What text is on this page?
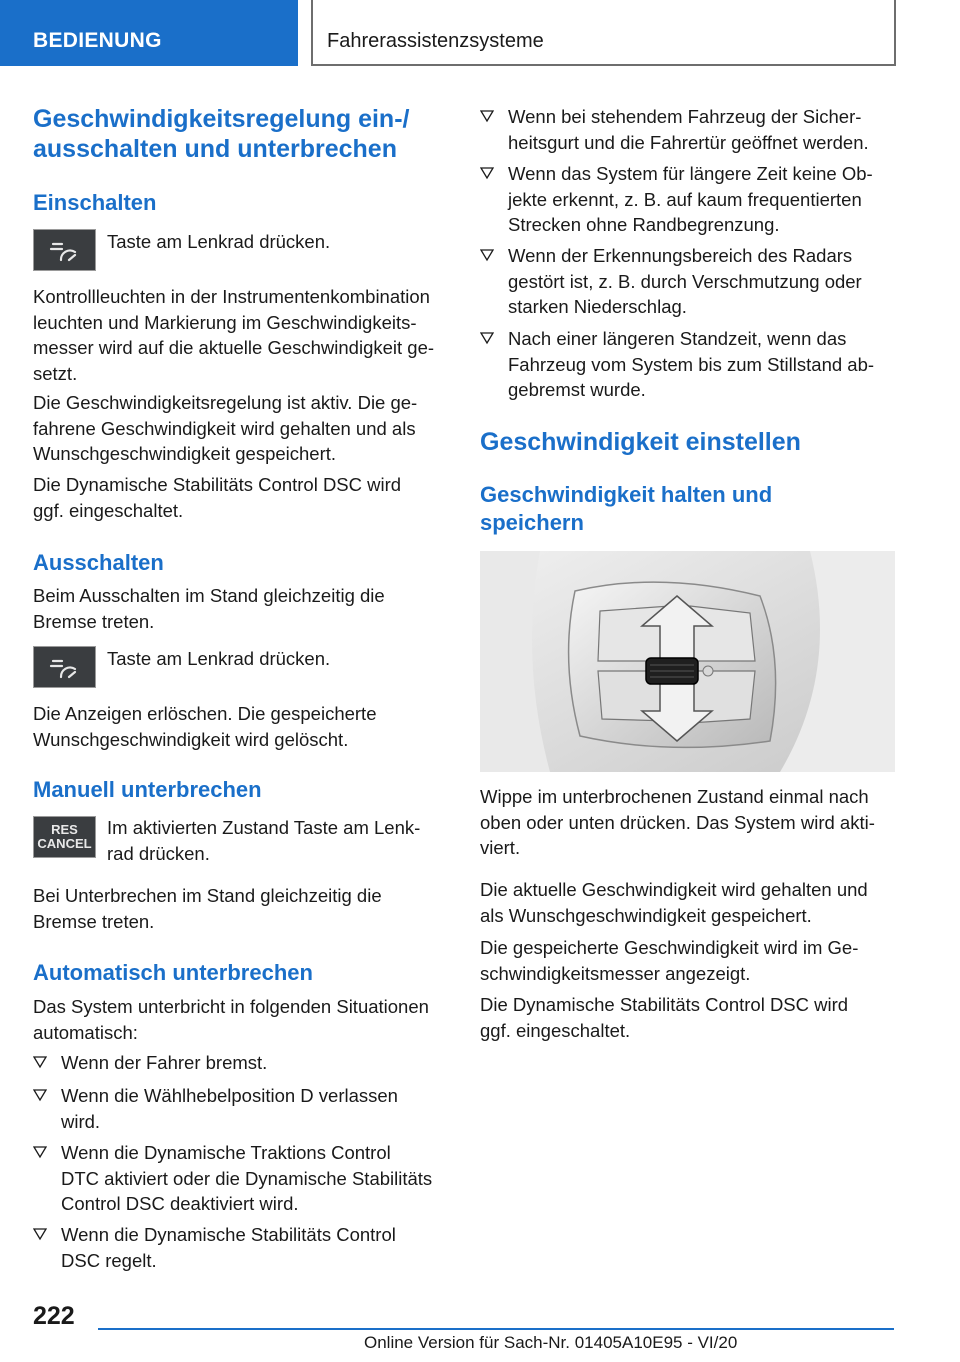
BEDIENUNG	Fahrerassistenzsysteme
Geschwindigkeitsregelung ein-/
ausschalten und unterbrechen
Einschalten
Taste am Lenkrad drücken.
Kontrollleuchten in der Instrumentenkombination
leuchten und Markierung im Geschwindigkeits-
messer wird auf die aktuelle Geschwindigkeit ge-
setzt.
Die Geschwindigkeitsregelung ist aktiv. Die ge-
fahrene Geschwindigkeit wird gehalten und als
Wunschgeschwindigkeit gespeichert.
Die Dynamische Stabilitäts Control DSC wird
ggf. eingeschaltet.
Ausschalten
Beim Ausschalten im Stand gleichzeitig die
Bremse treten.
Taste am Lenkrad drücken.
Die Anzeigen erlöschen. Die gespeicherte
Wunschgeschwindigkeit wird gelöscht.
Manuell unterbrechen
RES
CANCEL
Im aktivierten Zustand Taste am Lenk-
rad drücken.
Bei Unterbrechen im Stand gleichzeitig die
Bremse treten.
Automatisch unterbrechen
Das System unterbricht in folgenden Situationen
automatisch:
Wenn der Fahrer bremst.
Wenn die Wählhebelposition D verlassen
wird.
Wenn die Dynamische Traktions Control
DTC aktiviert oder die Dynamische Stabilitäts
Control DSC deaktiviert wird.
Wenn die Dynamische Stabilitäts Control
DSC regelt.
Wenn bei stehendem Fahrzeug der Sicher-
heitsgurt und die Fahrertür geöffnet werden.
Wenn das System für längere Zeit keine Ob-
jekte erkennt, z. B. auf kaum frequentierten
Strecken ohne Randbegrenzung.
Wenn der Erkennungsbereich des Radars
gestört ist, z. B. durch Verschmutzung oder
starken Niederschlag.
Nach einer längeren Standzeit, wenn das
Fahrzeug vom System bis zum Stillstand ab-
gebremst wurde.
Geschwindigkeit einstellen
Geschwindigkeit halten und
speichern
Wippe im unterbrochenen Zustand einmal nach
oben oder unten drücken. Das System wird akti-
viert.
Die aktuelle Geschwindigkeit wird gehalten und
als Wunschgeschwindigkeit gespeichert.
Die gespeicherte Geschwindigkeit wird im Ge-
schwindigkeitsmesser angezeigt.
Die Dynamische Stabilitäts Control DSC wird
ggf. eingeschaltet.
222
Online Version für Sach-Nr. 01405A10E95 - VI/20
